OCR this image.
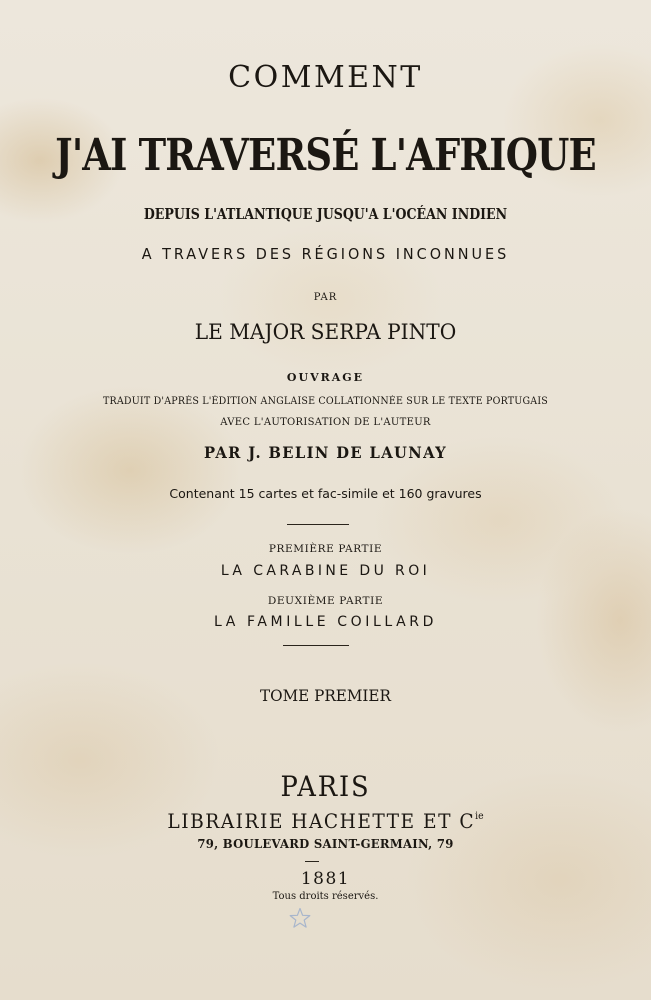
COMMENT
J'AI TRAVERSÉ L'AFRIQUE
DEPUIS L'ATLANTIQUE JUSQU'A L'OCÉAN INDIEN
A TRAVERS DES RÉGIONS INCONNUES
PAR
LE MAJOR SERPA PINTO
OUVRAGE
TRADUIT D'APRÈS L'ÉDITION ANGLAISE COLLATIONNÉE SUR LE TEXTE PORTUGAIS
AVEC L'AUTORISATION DE L'AUTEUR
PAR J. BELIN DE LAUNAY
Contenant 15 cartes et fac-simile et 160 gravures
PREMIÈRE PARTIE
LA CARABINE DU ROI
DEUXIÈME PARTIE
LA FAMILLE COILLARD
TOME PREMIER
PARIS
LIBRAIRIE HACHETTE ET $C^{ie}$
79, BOULEVARD SAINT-GERMAIN, 79
1881
Tous droits réservés.
